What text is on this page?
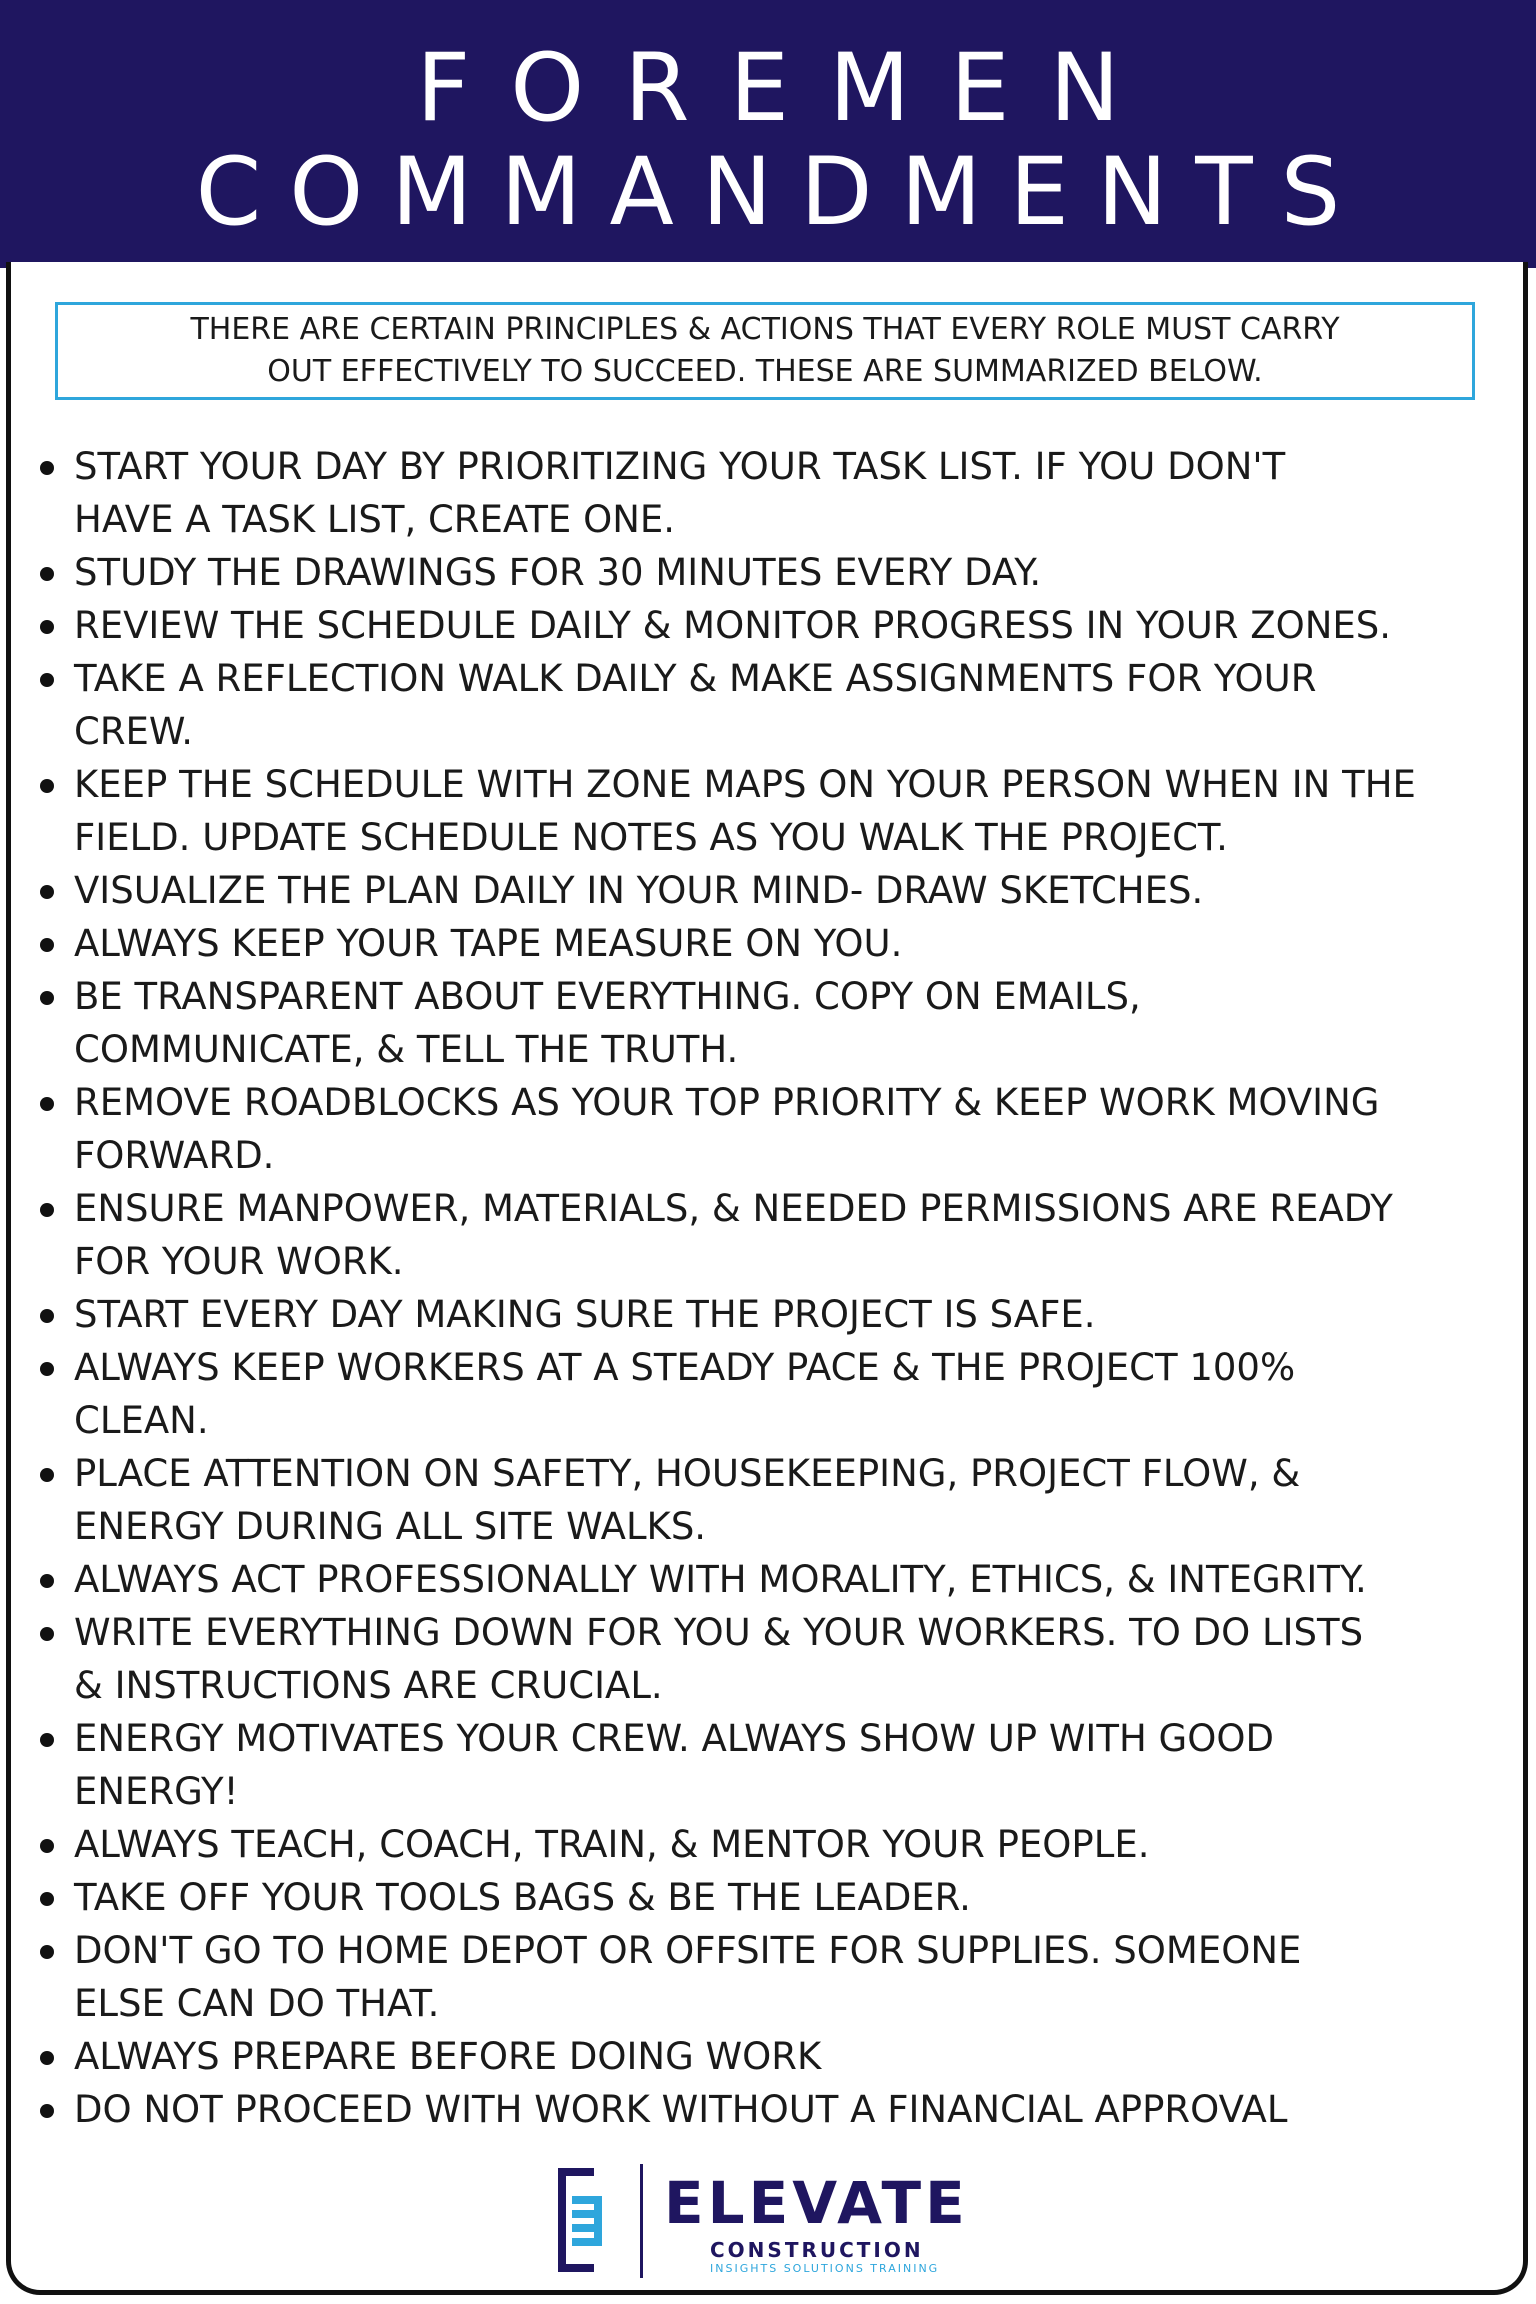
FOREMEN
COMMANDMENTS
THERE ARE CERTAIN PRINCIPLES & ACTIONS THAT EVERY ROLE MUST CARRY
OUT EFFECTIVELY TO SUCCEED. THESE ARE SUMMARIZED BELOW.
START YOUR DAY BY PRIORITIZING YOUR TASK LIST. IF YOU DON'T
HAVE A TASK LIST, CREATE ONE.
STUDY THE DRAWINGS FOR 30 MINUTES EVERY DAY.
REVIEW THE SCHEDULE DAILY & MONITOR PROGRESS IN YOUR ZONES.
TAKE A REFLECTION WALK DAILY & MAKE ASSIGNMENTS FOR YOUR
CREW.
KEEP THE SCHEDULE WITH ZONE MAPS ON YOUR PERSON WHEN IN THE
FIELD. UPDATE SCHEDULE NOTES AS YOU WALK THE PROJECT.
VISUALIZE THE PLAN DAILY IN YOUR MIND- DRAW SKETCHES.
ALWAYS KEEP YOUR TAPE MEASURE ON YOU.
BE TRANSPARENT ABOUT EVERYTHING. COPY ON EMAILS,
COMMUNICATE, & TELL THE TRUTH.
REMOVE ROADBLOCKS AS YOUR TOP PRIORITY & KEEP WORK MOVING
FORWARD.
ENSURE MANPOWER, MATERIALS, & NEEDED PERMISSIONS ARE READY
FOR YOUR WORK.
START EVERY DAY MAKING SURE THE PROJECT IS SAFE.
ALWAYS KEEP WORKERS AT A STEADY PACE & THE PROJECT 100%
CLEAN.
PLACE ATTENTION ON SAFETY, HOUSEKEEPING, PROJECT FLOW, &
ENERGY DURING ALL SITE WALKS.
ALWAYS ACT PROFESSIONALLY WITH MORALITY, ETHICS, & INTEGRITY.
WRITE EVERYTHING DOWN FOR YOU & YOUR WORKERS. TO DO LISTS
& INSTRUCTIONS ARE CRUCIAL.
ENERGY MOTIVATES YOUR CREW. ALWAYS SHOW UP WITH GOOD
ENERGY!
ALWAYS TEACH, COACH, TRAIN, & MENTOR YOUR PEOPLE.
TAKE OFF YOUR TOOLS BAGS & BE THE LEADER.
DON'T GO TO HOME DEPOT OR OFFSITE FOR SUPPLIES. SOMEONE
ELSE CAN DO THAT.
ALWAYS PREPARE BEFORE DOING WORK
DO NOT PROCEED WITH WORK WITHOUT A FINANCIAL APPROVAL
ELEVATE
CONSTRUCTION
INSIGHTS SOLUTIONS TRAINING
